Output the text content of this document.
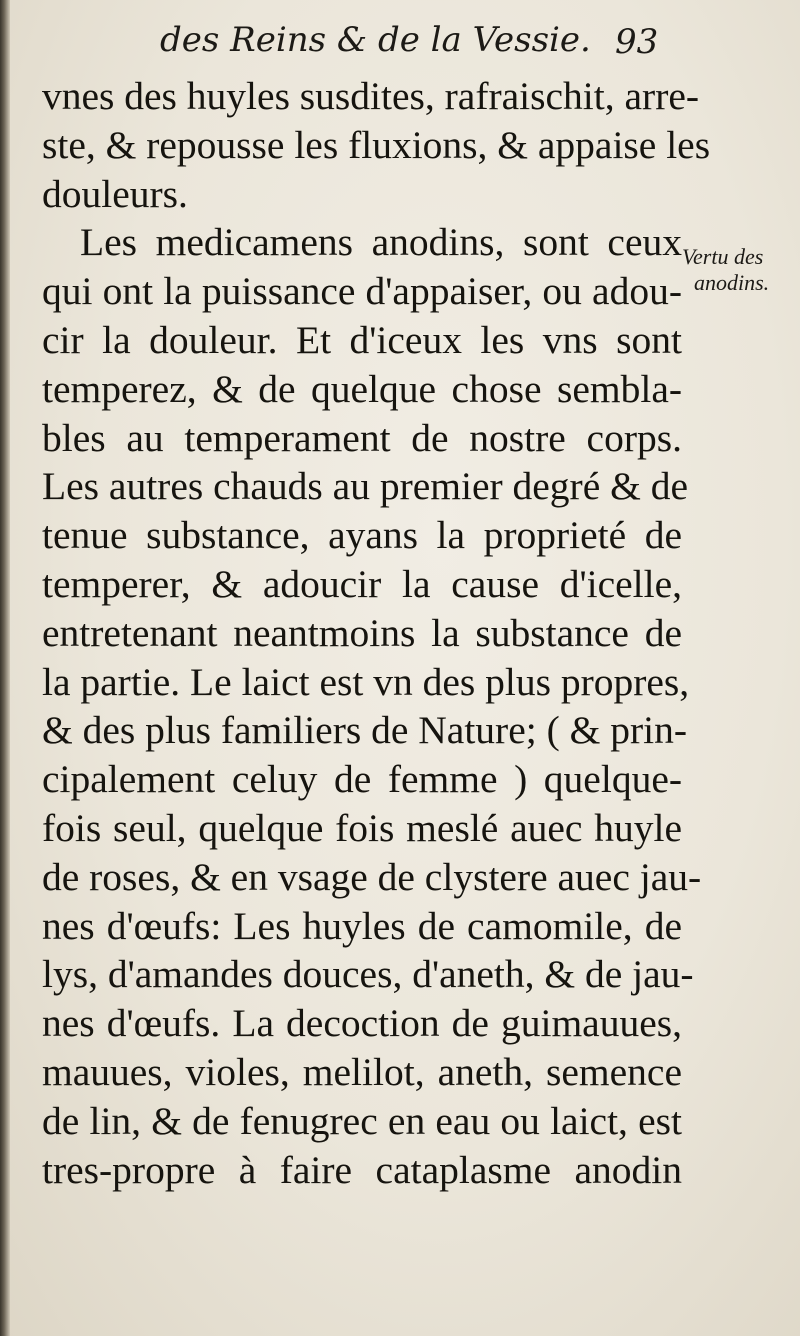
des Reins & de la Vessie. 93
vnes des huyles susdites, rafraischit, arre-
ste, & repousse les fluxions, & appaise les
douleurs.
Les medicamens anodins, sont ceux
qui ont la puissance d'appaiser, ou adou-
cir la douleur. Et d'iceux les vns sont
temperez, & de quelque chose sembla-
bles au temperament de nostre corps.
Les autres chauds au premier degré & de
tenue substance, ayans la proprieté de
temperer, & adoucir la cause d'icelle,
entretenant neantmoins la substance de
la partie. Le laict est vn des plus propres,
& des plus familiers de Nature; ( & prin-
cipalement celuy de femme ) quelque-
fois seul, quelque fois meslé auec huyle
de roses, & en vsage de clystere auec jau-
nes d'œufs: Les huyles de camomile, de
lys, d'amandes douces, d'aneth, & de jau-
nes d'œufs. La decoction de guimauues,
mauues, violes, melilot, aneth, semence
de lin, & de fenugrec en eau ou laict, est
tres-propre à faire cataplasme anodin
Vertu des
anodins.
